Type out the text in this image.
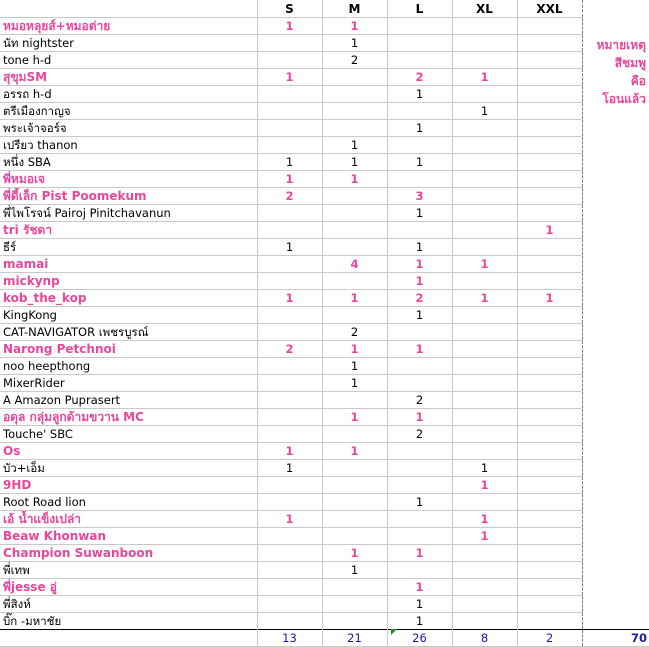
	S	M	L	XL	XXL	
หมอหลุยส์+หมอต่าย	1	1				
นัท nightster		1				
tone h-d		2				
สุขุมSM	1		2	1		
อรรถ h-d			1			
ตรีเมืองกาญจ				1		
พระเจ้าจอร์จ			1			
เปรียว thanon		1				
หนึ่ง SBA	1	1	1			
พี่หมอเจ	1	1				
พี่ดี้เล็ก Pist Poomekum	2		3			
พี่ไพโรจน์ Pairoj Pinitchavanun			1			
tri รัชดา					1	
ธีร์	1		1			
mamai		4	1	1		
mickynp			1			
kob_the_kop	1	1	2	1	1	
KingKong			1			
CAT-NAVIGATOR เพชรบูรณ์		2				
Narong Petchnoi	2	1	1			
noo heepthong		1				
MixerRider		1				
A Amazon Puprasert			2			
อดุล กลุ่มลูกด้ามขวาน MC		1	1			
Touche' SBC			2			
Os	1	1				
บัว+เอ็ม	1			1		
9HD				1		
Root Road lion			1			
เอ้ น้ำแข็งเปล่า	1			1		
Beaw Khonwan				1		
Champion Suwanboon		1	1			
พี่เทพ		1				
พี่jesse อู่			1			
พี่สิงห์			1			
บิ๊ก -มหาชัย			1			
	13	21	26	8	2	70
หมายเหตุ
สีชมพู
คือ
โอนแล้ว
